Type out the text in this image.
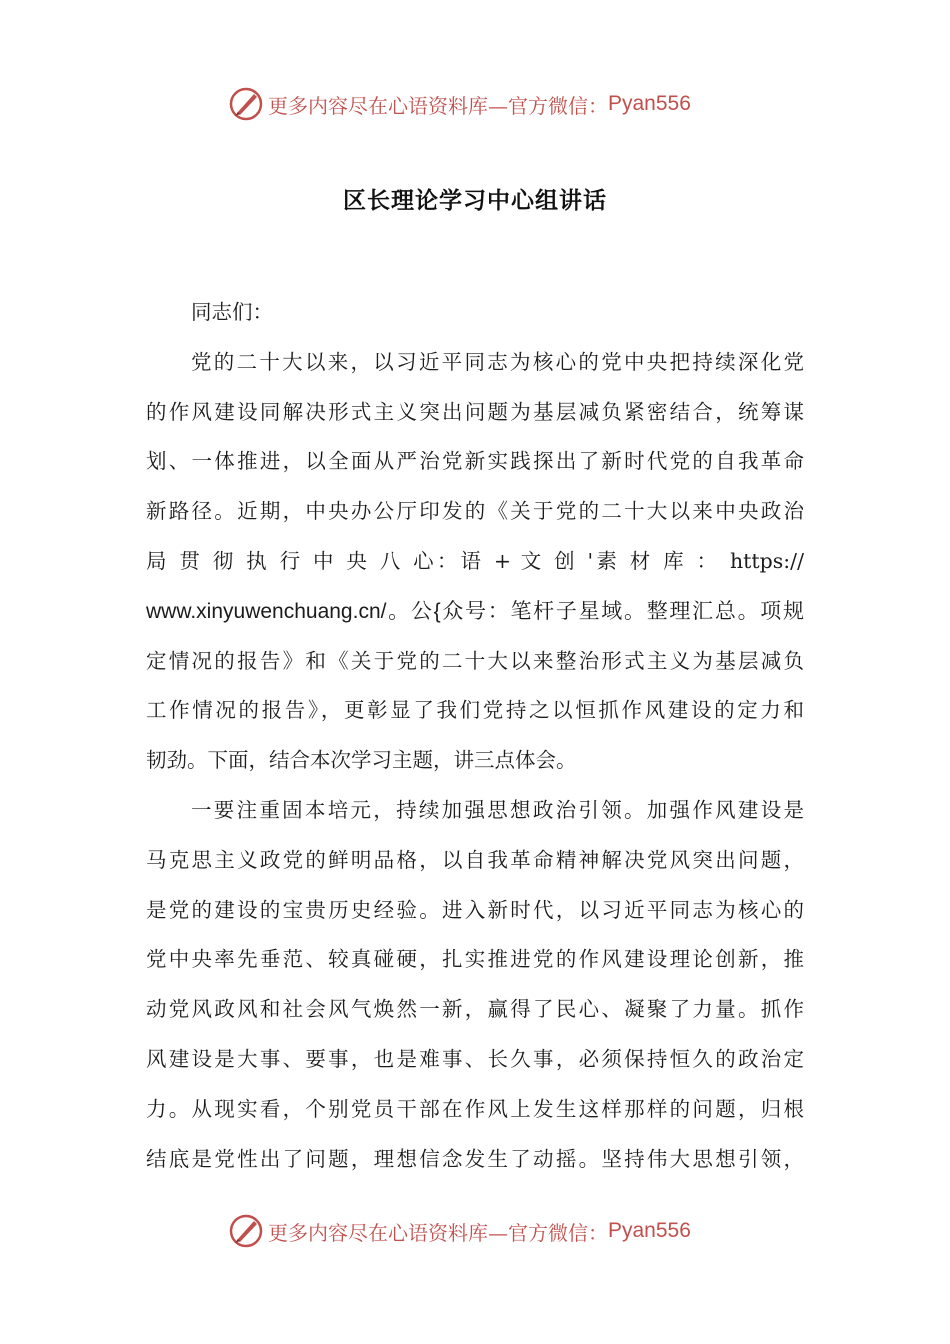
更多内容尽在心语资料库—官方微信： Pyan556
区长理论学习中心组讲话
同志们：
党的二十大以来，以习近平同志为核心的党中央把持续深化党
的作风建设同解决形式主义突出问题为基层减负紧密结合，统筹谋
划、一体推进，以全面从严治党新实践探出了新时代党的自我革命
新路径。近期，中央办公厅印发的《关于党的二十大以来中央政治
局 贯 彻 执 行 中 央 八 心：语 + 文 创 '素 材 库 ： https://
www.xinyuwenchuang.cn/。公{众号：笔杆子星域。整理汇总。项规
定情况的报告》和《关于党的二十大以来整治形式主义为基层减负
工作情况的报告》，更彰显了我们党持之以恒抓作风建设的定力和
韧劲。下面，结合本次学习主题，讲三点体会。
一要注重固本培元，持续加强思想政治引领。加强作风建设是
马克思主义政党的鲜明品格，以自我革命精神解决党风突出问题，
是党的建设的宝贵历史经验。进入新时代，以习近平同志为核心的
党中央率先垂范、较真碰硬，扎实推进党的作风建设理论创新，推
动党风政风和社会风气焕然一新，赢得了民心、凝聚了力量。抓作
风建设是大事、要事，也是难事、长久事，必须保持恒久的政治定
力。从现实看，个别党员干部在作风上发生这样那样的问题，归根
结底是党性出了问题，理想信念发生了动摇。坚持伟大思想引领，
更多内容尽在心语资料库—官方微信： Pyan556
